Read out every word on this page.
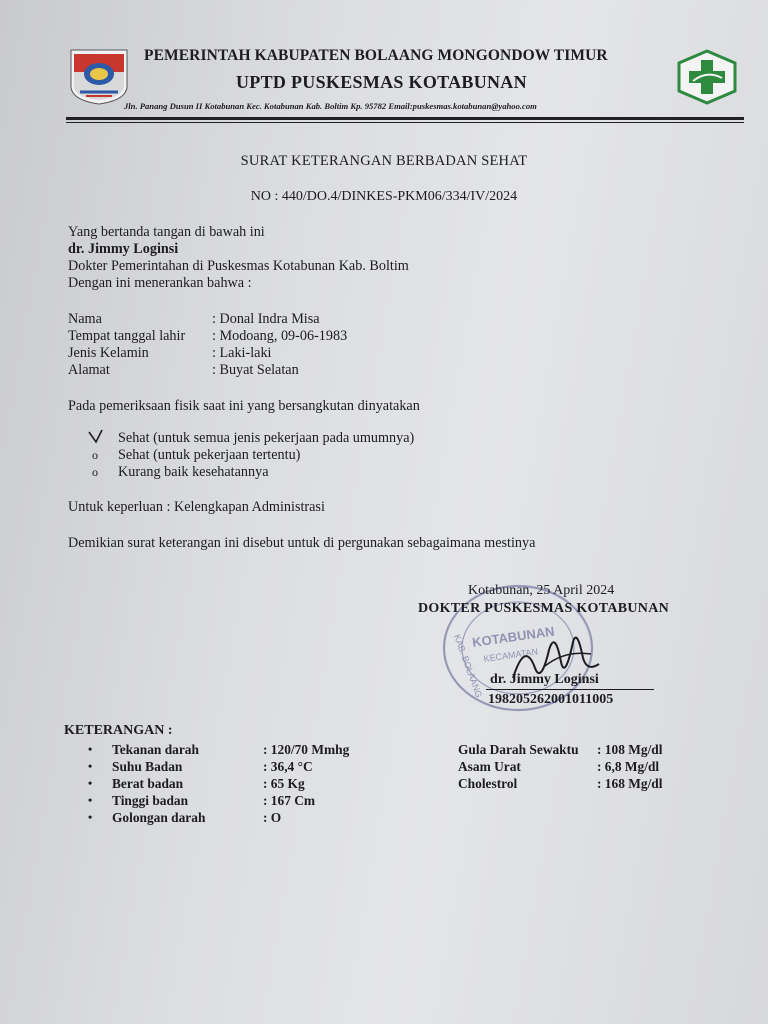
PEMERINTAH KABUPATEN BOLAANG MONGONDOW TIMUR
UPTD PUSKESMAS KOTABUNAN
Jln. Panang Dusun II Kotabunan Kec. Kotabunan Kab. Boltim Kp. 95782 Email:puskesmas.kotabunan@yahoo.com
SURAT KETERANGAN BERBADAN SEHAT
NO : 440/DO.4/DINKES-PKM06/334/IV/2024
Yang bertanda tangan di bawah ini
dr. Jimmy Loginsi
Dokter Pemerintahan di Puskesmas Kotabunan Kab. Boltim
Dengan ini menerankan bahwa :
Nama	: Donal Indra Misa
Tempat tanggal lahir : Modoang, 09-06-1983
Jenis Kelamin	: Laki-laki
Alamat	: Buyat Selatan
Pada pemeriksaan fisik saat ini yang bersangkutan dinyatakan
Sehat (untuk semua jenis pekerjaan pada umumnya)
o Sehat (untuk pekerjaan tertentu)
o Kurang baik kesehatannya
Untuk keperluan : Kelengkapan Administrasi
Demikian surat keterangan ini disebut untuk di pergunakan sebagaimana mestinya
KOTABUNAN
KECAMATAN
KAB. BOLAANG
Kotabunan, 25 April 2024
DOKTER PUSKESMAS KOTABUNAN
dr. Jimmy Loginsi
198205262001011005
KETERANGAN :
• Tekanan darah	: 120/70 Mmhg
• Suhu Badan	: 36,4 °C
• Berat badan	: 65 Kg
• Tinggi badan	: 167 Cm
• Golongan darah	: O
Gula Darah Sewaktu : 108 Mg/dl
Asam Urat	: 6,8 Mg/dl
Cholestrol	: 168 Mg/dl
